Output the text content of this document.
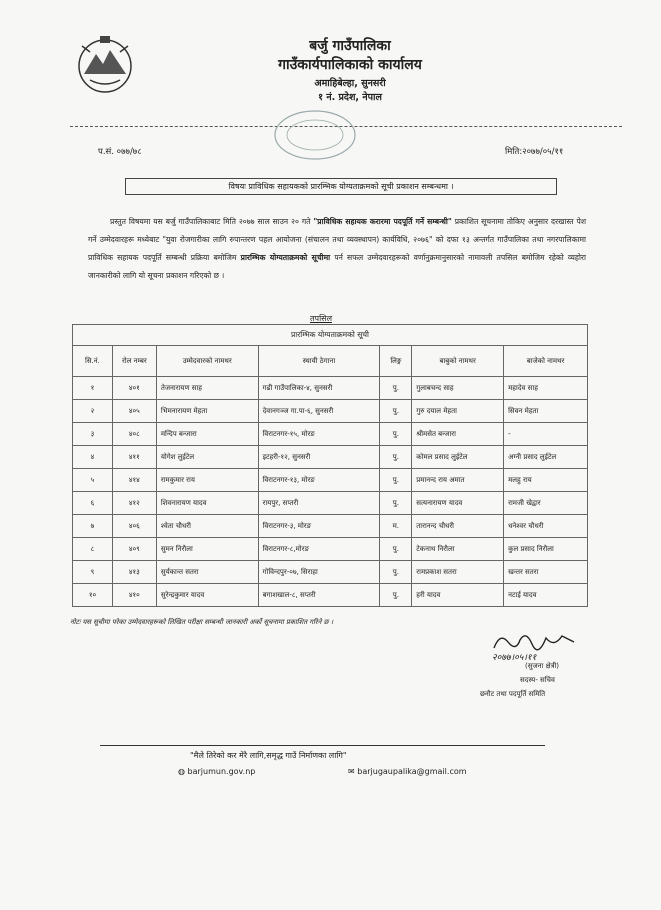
बर्जु गाउँपालिका
गाउँकार्यपालिकाको कार्यालय
अमाहिबेल्हा, सुनसरी
१ नं. प्रदेश, नेपाल
प.सं. ०७७/७८	मिति:२०७७/०५/११
विषयः प्राविधिक सहायकको प्रारम्भिक योग्यताक्रमको सूची प्रकाशन सम्बन्धमा ।
प्रस्तुत विषयमा यस बर्जु गाउँपालिकाबाट मिति २०७७ साल साउन २० गते "प्राविधिक सहायक करारमा पदपूर्ति गर्ने सम्बन्धी" प्रकाशित सूचनामा तोकिए अनुसार दरखास्त पेश गर्ने उम्मेदवारहरू मध्येबाट "युवा रोजगारीका लागि रुपान्तरण पहल आयोजना (संचालन तथा व्यवस्थापन) कार्यविधि, २०७६" को दफा १३ अन्तर्गत गाउँपालिका तथा नगरपालिकामा प्राविधिक सहायक पदपूर्ति सम्बन्धी प्रक्रिया बमोजिम प्रारम्भिक योग्यताक्रमको सूचीमा पर्न सफल उम्मेदवारहरूको वर्णानुक्रमानुसारको नामावली तपसिल बमोजिम रहेको व्यहोरा जानकारीको लागि यो सूचना प्रकाशन गरिएको छ ।
तपसिल
प्रारम्भिक योग्यताक्रमको सूची						
सि.नं.	रोल नम्बर	उम्मेदवारको नामथर	स्थायी ठेगाना	लिङ्ग	बाबुको नामथर	बाजेको नामथर
१	४०१	तेजनारायण साह	गढी गाउँपालिका-४, सुनसरी	पु.	गुलाबचन्द साह	महादेव साह
२	४०५	भिमनारायण मेहता	देवानगञ्ज गा.पा-६, सुनसरी	पु.	गुरु दयाल मेहता	सिवन मेहता
३	४०८	मन्दिप बन्जारा	विराटनगर-१५, मोरङ	पु.	श्रीमसेत बन्जारा	-
४	४११	योगेश लुईटेल	इटहरी-१२, सुनसरी	पु.	कोमल प्रसाद लुईटेल	अग्नी प्रसाद लुईटेल
५	४१४	रामकुमार राय	विराटनगर-१३, मोरङ	पु.	प्रमानन्द राय अमात	मलहु राय
६	४१२	शिवनारायण यादव	रायपुर, सप्तरी	पु.	सत्यनारायण यादव	रामजी खेद्वार
७	४०६	श्वेता चौधरी	विराटनगर-३, मोरङ	म.	तारानन्द चौधरी	धनेश्वर चौधरी
८	४०९	सुमन निरौला	विराटनगर-८,मोरङ	पु.	टेकनाथ निरौला	कुल प्रसाद निरौला
९	४१३	सुर्यकान्त सतरा	गोविन्दपुर-०७, सिराहा	पु.	रामप्रकाश सतरा	खन्तर सतरा
१०	४१०	सुरेन्द्रकुमार यादव	बगाशखाल-८, सप्तरी	पु.	हरी यादव	नटाई यादव
नोटः यस सूचीमा परेका उम्मेदवारहरूको लिखित परीक्षा सम्बन्धी जानकारी अर्को सूचनामा प्रकाशित गरिने छ ।
२०७७।०५।११
(सुजना क्षेत्री)
सदस्य- सचिव
छनौट तथा पदपूर्ति समिति
"मैले तिरेको कर मेरै लागि,समृद्ध गाउँ निर्माणका लागि"
◍ barjumun.gov.np	✉ barjugaupalika@gmail.com
